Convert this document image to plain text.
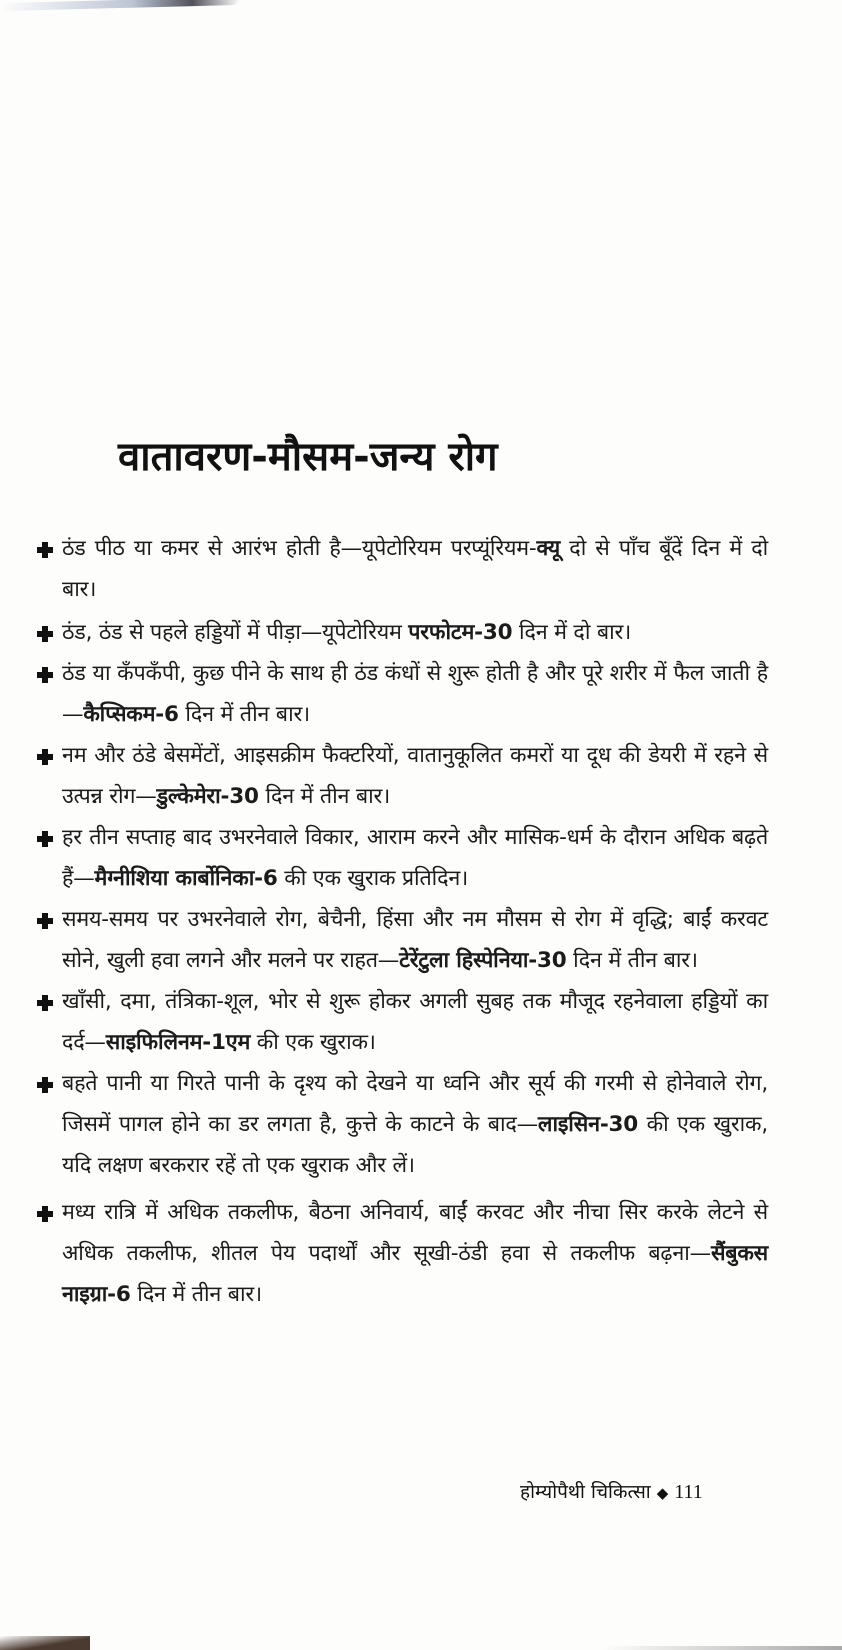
वातावरण-मौसम-जन्य रोग
ठंड पीठ या कमर से आरंभ होती है—यूपेटोरियम परप्यूंरियम-क्यू दो से पाँच बूँदें दिन में दो बार।
ठंड, ठंड से पहले हड्डियों में पीड़ा—यूपेटोरियम परफोटम-30 दिन में दो बार।
ठंड या कँपकँपी, कुछ पीने के साथ ही ठंड कंधों से शुरू होती है और पूरे शरीर में फैल जाती है—कैप्सिकम-6 दिन में तीन बार।
नम और ठंडे बेसमेंटों, आइसक्रीम फैक्टरियों, वातानुकूलित कमरों या दूध की डेयरी में रहने से उत्पन्न रोग—डुल्केमेरा-30 दिन में तीन बार।
हर तीन सप्ताह बाद उभरनेवाले विकार, आराम करने और मासिक-धर्म के दौरान अधिक बढ़ते हैं—मैग्नीशिया कार्बोनिका-6 की एक खुराक प्रतिदिन।
समय-समय पर उभरनेवाले रोग, बेचैनी, हिंसा और नम मौसम से रोग में वृद्धि; बाईं करवट सोने, खुली हवा लगने और मलने पर राहत—टेरेंटुला हिस्पेनिया-30 दिन में तीन बार।
खाँसी, दमा, तंत्रिका-शूल, भोर से शुरू होकर अगली सुबह तक मौजूद रहनेवाला हड्डियों का दर्द—साइफिलिनम-1एम की एक खुराक।
बहते पानी या गिरते पानी के दृश्य को देखने या ध्वनि और सूर्य की गरमी से होनेवाले रोग, जिसमें पागल होने का डर लगता है, कुत्ते के काटने के बाद—लाइसिन-30 की एक खुराक, यदि लक्षण बरकरार रहें तो एक खुराक और लें।
मध्य रात्रि में अधिक तकलीफ, बैठना अनिवार्य, बाईं करवट और नीचा सिर करके लेटने से अधिक तकलीफ, शीतल पेय पदार्थों और सूखी-ठंडी हवा से तकलीफ बढ़ना—सैंबुकस नाइग्रा-6 दिन में तीन बार।
होम्योपैथी चिकित्सा ◆ 111
